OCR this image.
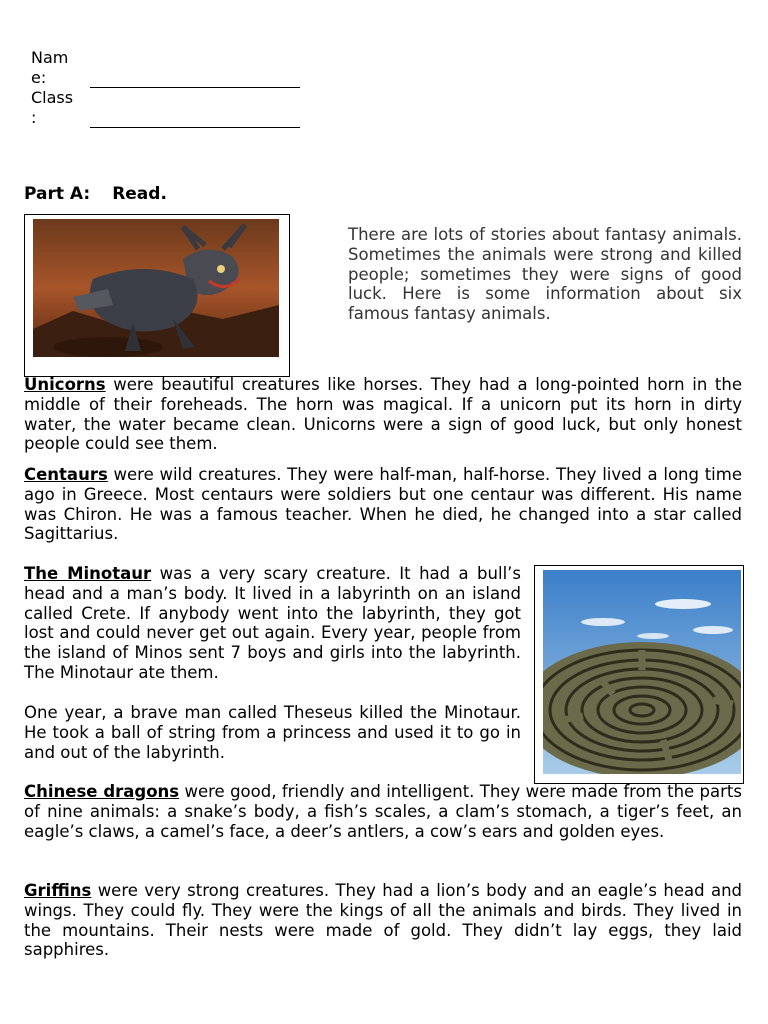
Nam
e:
Class
:
Part A: Read.

There are lots of stories about fantasy animals. Sometimes the animals were strong and killed people; sometimes they were signs of good luck. Here is some information about six famous fantasy animals.

Unicorns were beautiful creatures like horses. They had a long-pointed horn in the middle of their foreheads. The horn was magical. If a unicorn put its horn in dirty water, the water became clean. Unicorns were a sign of good luck, but only honest people could see them.

Centaurs were wild creatures. They were half-man, half-horse. They lived a long time ago in Greece. Most centaurs were soldiers but one centaur was different. His name was Chiron. He was a famous teacher. When he died, he changed into a star called Sagittarius.

The Minotaur was a very scary creature. It had a bull’s head and a man’s body. It lived in a labyrinth on an island called Crete. If anybody went into the labyrinth, they got lost and could never get out again. Every year, people from the island of Minos sent 7 boys and girls into the labyrinth. The Minotaur ate them.

One year, a brave man called Theseus killed the Minotaur. He took a ball of string from a princess and used it to go in and out of the labyrinth.

Chinese dragons were good, friendly and intelligent. They were made from the parts of nine animals: a snake’s body, a fish’s scales, a clam’s stomach, a tiger’s feet, an eagle’s claws, a camel’s face, a deer’s antlers, a cow’s ears and golden eyes.

Griffins were very strong creatures. They had a lion’s body and an eagle’s head and wings. They could fly. They were the kings of all the animals and birds. They lived in the mountains. Their nests were made of gold. They didn’t lay eggs, they laid sapphires.
